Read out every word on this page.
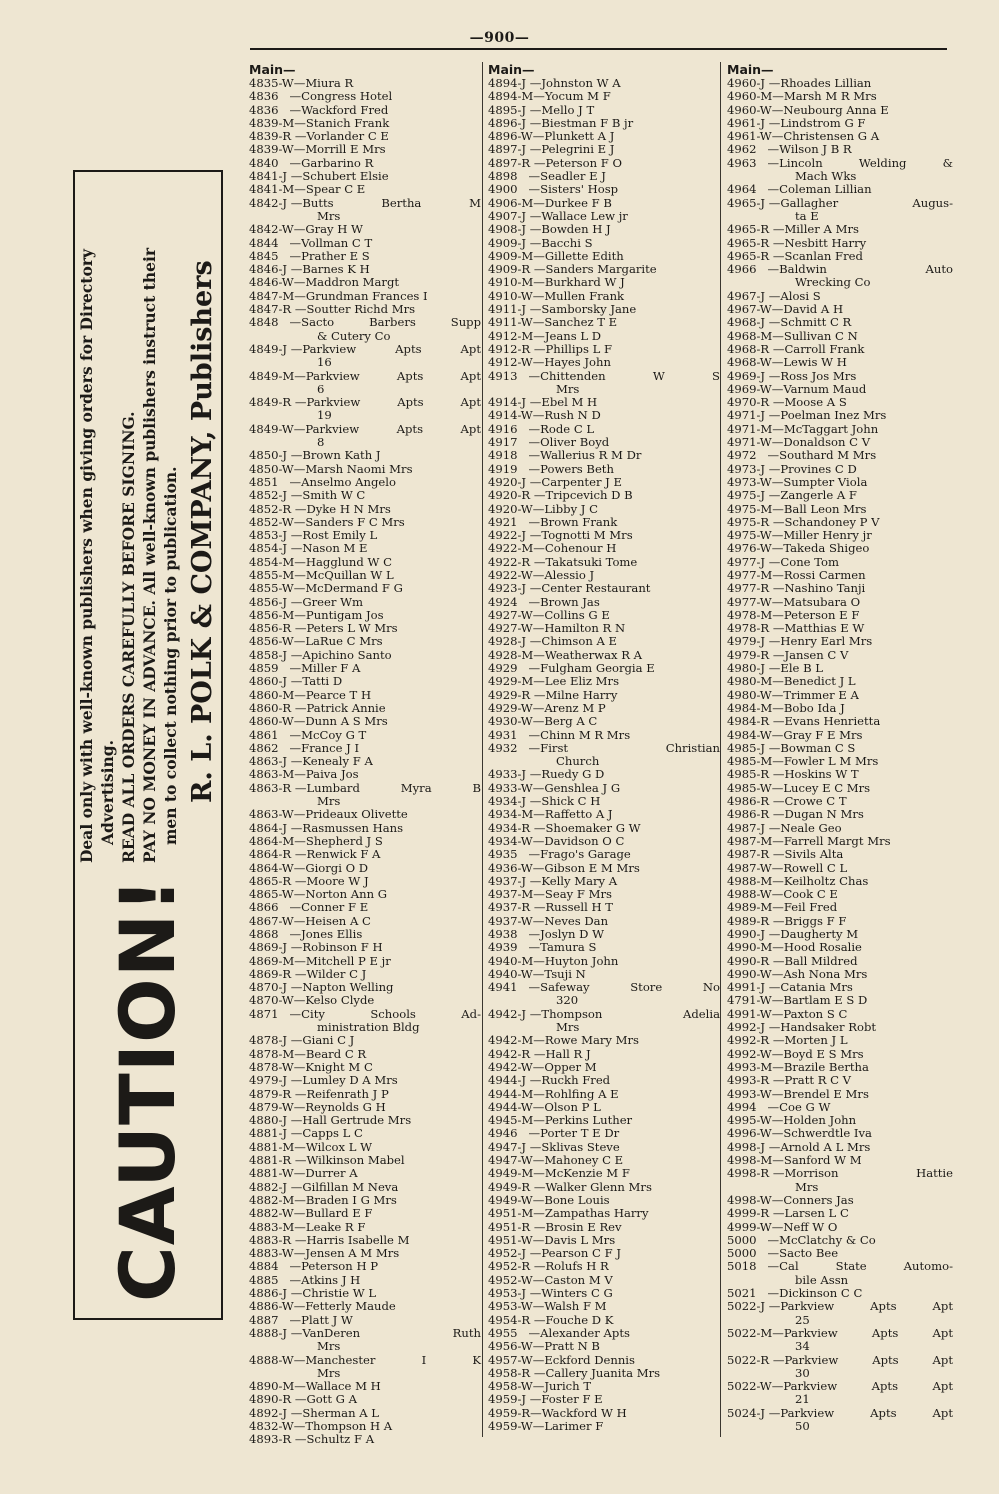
—900—
CAUTION!
Deal only with well-known publishers when giving orders for Directory Advertising. READ ALL ORDERS CAREFULLY BEFORE SIGNING. PAY NO MONEY IN ADVANCE. All well-known publishers instruct their men to collect nothing prior to publication. R. L. POLK & COMPANY, Publishers
Main—
4835-W— Miura R
4836   — Congress Hotel
4836   — Wackford Fred
4839-M— Stanich Frank
4839-R — Vorlander C E
4839-W— Morrill E Mrs
4840   — Garbarino R
4841-J — Schubert Elsie
4841-M— Spear C E
4842-J — Butts Bertha M
Mrs
4842-W— Gray H W
4844   — Vollman C T
4845   — Prather E S
4846-J — Barnes K H
4846-W— Maddron Margt
4847-M— Grundman Frances I
4847-R — Soutter Richd Mrs
4848   — Sacto Barbers Supp
& Cutery Co
4849-J — Parkview Apts Apt
16
4849-M— Parkview Apts Apt
6
4849-R — Parkview Apts Apt
19
4849-W— Parkview Apts Apt
8
4850-J — Brown Kath J
4850-W— Marsh Naomi Mrs
4851   — Anselmo Angelo
4852-J — Smith W C
4852-R — Dyke H N Mrs
4852-W— Sanders F C Mrs
4853-J — Rost Emily L
4854-J — Nason M E
4854-M— Hagglund W C
4855-M— McQuillan W L
4855-W— McDermand F G
4856-J — Greer Wm
4856-M— Puntigam Jos
4856-R — Peters L W Mrs
4856-W— LaRue C Mrs
4858-J — Apichino Santo
4859   — Miller F A
4860-J — Tatti D
4860-M— Pearce T H
4860-R — Patrick Annie
4860-W— Dunn A S Mrs
4861   — McCoy G T
4862   — France J I
4863-J — Kenealy F A
4863-M— Paiva Jos
4863-R — Lumbard Myra B
Mrs
4863-W— Prideaux Olivette
4864-J — Rasmussen Hans
4864-M— Shepherd J S
4864-R — Renwick F A
4864-W— Giorgi O D
4865-R — Moore W J
4865-W— Norton Ann G
4866   — Conner F E
4867-W— Heisen A C
4868   — Jones Ellis
4869-J — Robinson F H
4869-M— Mitchell P E jr
4869-R — Wilder C J
4870-J — Napton Welling
4870-W— Kelso Clyde
4871   — City Schools Ad-
ministration Bldg
4878-J — Giani C J
4878-M— Beard C R
4878-W— Knight M C
4979-J — Lumley D A Mrs
4879-R — Reifenrath J P
4879-W— Reynolds G H
4880-J — Hall Gertrude Mrs
4881-J — Capps L C
4881-M— Wilcox L W
4881-R — Wilkinson Mabel
4881-W— Durrer A
4882-J — Gilfillan M Neva
4882-M— Braden I G Mrs
4882-W— Bullard E F
4883-M— Leake R F
4883-R — Harris Isabelle M
4883-W— Jensen A M Mrs
4884   — Peterson H P
4885   — Atkins J H
4886-J — Christie W L
4886-W— Fetterly Maude
4887   — Platt J W
4888-J — VanDeren Ruth
Mrs
4888-W— Manchester I K
Mrs
4890-M— Wallace M H
4890-R — Gott G A
4892-J — Sherman A L
4832-W— Thompson H A
4893-R — Schultz F A
Main—
4894-J — Johnston W A
4894-M— Yocum M F
4895-J — Mello J T
4896-J — Biestman F B jr
4896-W— Plunkett A J
4897-J — Pelegrini E J
4897-R — Peterson F O
4898   — Seadler E J
4900   — Sisters' Hosp
4906-M— Durkee F B
4907-J — Wallace Lew jr
4908-J — Bowden H J
4909-J — Bacchi S
4909-M— Gillette Edith
4909-R — Sanders Margarite
4910-M— Burkhard W J
4910-W— Mullen Frank
4911-J — Samborsky Jane
4911-W— Sanchez T E
4912-M— Jeans L D
4912-R — Phillips L F
4912-W— Hayes John
4913   — Chittenden W S
Mrs
4914-J — Ebel M H
4914-W— Rush N D
4916   — Rode C L
4917   — Oliver Boyd
4918   — Wallerius R M Dr
4919   — Powers Beth
4920-J — Carpenter J E
4920-R — Tripcevich D B
4920-W— Libby J C
4921   — Brown Frank
4922-J — Tognotti M Mrs
4922-M— Cohenour H
4922-R — Takatsuki Tome
4922-W— Alessio J
4923-J — Center Restaurant
4924   — Brown Jas
4927-W— Collins G E
4927-W— Hamilton R N
4928-J — Chimson A E
4928-M— Weatherwax R A
4929   — Fulgham Georgia E
4929-M— Lee Eliz Mrs
4929-R — Milne Harry
4929-W— Arenz M P
4930-W— Berg A C
4931   — Chinn M R Mrs
4932   — First Christian
Church
4933-J — Ruedy G D
4933-W— Genshlea J G
4934-J — Shick C H
4934-M— Raffetto A J
4934-R — Shoemaker G W
4934-W— Davidson O C
4935   — Frago's Garage
4936-W— Gibson E M Mrs
4937-J — Kelly Mary A
4937-M— Seay F Mrs
4937-R — Russell H T
4937-W— Neves Dan
4938   — Joslyn D W
4939   — Tamura S
4940-M— Huyton John
4940-W— Tsuji N
4941   — Safeway Store No
320
4942-J — Thompson Adelia
Mrs
4942-M— Rowe Mary Mrs
4942-R — Hall R J
4942-W— Opper M
4944-J — Ruckh Fred
4944-M— Rohlfing A E
4944-W— Olson P L
4945-M— Perkins Luther
4946   — Porter T E Dr
4947-J — Sklivas Steve
4947-W— Mahoney C E
4949-M— McKenzie M F
4949-R — Walker Glenn Mrs
4949-W— Bone Louis
4951-M— Zampathas Harry
4951-R — Brosin E Rev
4951-W— Davis L Mrs
4952-J — Pearson C F J
4952-R — Rolufs H R
4952-W— Caston M V
4953-J — Winters C G
4953-W— Walsh F M
4954-R — Fouche D K
4955   — Alexander Apts
4956-W— Pratt N B
4957-W— Eckford Dennis
4958-R — Callery Juanita Mrs
4958-W— Jurich T
4959-J — Foster F E
4959-R— Wackford W H
4959-W— Larimer F
Main—
4960-J — Rhoades Lillian
4960-M— Marsh M R Mrs
4960-W— Neubourg Anna E
4961-J — Lindstrom G F
4961-W— Christensen G A
4962   — Wilson J B R
4963   — Lincoln Welding &
Mach Wks
4964   — Coleman Lillian
4965-J — Gallagher Augus-
ta E
4965-R — Miller A Mrs
4965-R — Nesbitt Harry
4965-R — Scanlan Fred
4966   — Baldwin Auto
Wrecking Co
4967-J — Alosi S
4967-W— David A H
4968-J — Schmitt C R
4968-M— Sullivan C N
4968-R — Carroll Frank
4968-W— Lewis W H
4969-J — Ross Jos Mrs
4969-W— Varnum Maud
4970-R — Moose A S
4971-J — Poelman Inez Mrs
4971-M— McTaggart John
4971-W— Donaldson C V
4972   — Southard M Mrs
4973-J — Provines C D
4973-W— Sumpter Viola
4975-J — Zangerle A F
4975-M— Ball Leon Mrs
4975-R — Schandoney P V
4975-W— Miller Henry jr
4976-W— Takeda Shigeo
4977-J — Cone Tom
4977-M— Rossi Carmen
4977-R — Nashino Tanji
4977-W— Matsubara O
4978-M— Peterson E F
4978-R — Matthias E W
4979-J — Henry Earl Mrs
4979-R — Jansen C V
4980-J — Ele B L
4980-M— Benedict J L
4980-W— Trimmer E A
4984-M— Bobo Ida J
4984-R — Evans Henrietta
4984-W— Gray F E Mrs
4985-J — Bowman C S
4985-M— Fowler L M Mrs
4985-R — Hoskins W T
4985-W— Lucey E C Mrs
4986-R — Crowe C T
4986-R — Dugan N Mrs
4987-J — Neale Geo
4987-M— Farrell Margt Mrs
4987-R — Sivils Alta
4987-W— Rowell C L
4988-M— Keilholtz Chas
4988-W— Cook C E
4989-M— Feil Fred
4989-R — Briggs F F
4990-J — Daugherty M
4990-M— Hood Rosalie
4990-R — Ball Mildred
4990-W— Ash Nona Mrs
4991-J — Catania Mrs
4791-W— Bartlam E S D
4991-W— Paxton S C
4992-J — Handsaker Robt
4992-R — Morten J L
4992-W— Boyd E S Mrs
4993-M— Brazile Bertha
4993-R — Pratt R C V
4993-W— Brendel E Mrs
4994   — Coe G W
4995-W— Holden John
4996-W— Schwerdtle Iva
4998-J — Arnold A L Mrs
4998-M— Sanford W M
4998-R — Morrison Hattie
Mrs
4998-W— Conners Jas
4999-R — Larsen L C
4999-W— Neff W O
5000   — McClatchy & Co
5000   — Sacto Bee
5018   — Cal State Automo-
bile Assn
5021   — Dickinson C C
5022-J — Parkview Apts Apt
25
5022-M— Parkview Apts Apt
34
5022-R — Parkview Apts Apt
30
5022-W— Parkview Apts Apt
21
5024-J — Parkview Apts Apt
50
